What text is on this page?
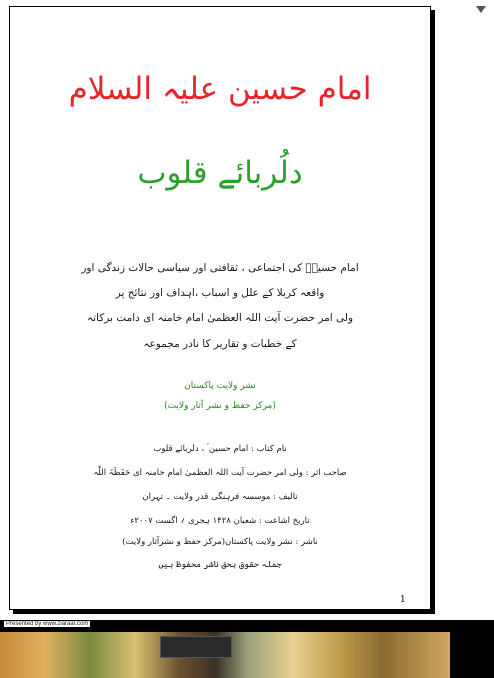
امام حسین علیہ السلام
دلُربائے قلوب
امام حسینؑ کی اجتماعی ، ثقافتی اور سیاسی حالات زندگی اور
واقعہ کربلا کے علل و اسباب ،اہداف اور نتائج پر
ولی امر حضرت آیت اللہ العظمیٰ امام خامنہ ای دامت برکاتہ
کے خطبات و تقاریر کا نادر مجموعہ
نشر ولایت پاکستان
(مرکز حفظ و نشر آثار ولایت)
نام کتاب : امام حسین ؑ ، دلربائے قلوب
صاحب اثر : ولی امر حضرت آیت اللہ العظمیٰ امام خامنہ ای حَفَظَہُ اللّٰہ
تالیف : موسسہ فرہنگی قدر ولایت ۔ تہران
تاریخ اشاعت : شعبان ۱۴۲۸ ہجری ؍ اگست ۲۰۰۷ء
ناشر : نشر ولایت پاکستان(مرکز حفظ و نشرآثار ولایت)
جملہ حقوق بحق ناشر محفوظ ہیں
1
Presented by www.ziaraat.com
